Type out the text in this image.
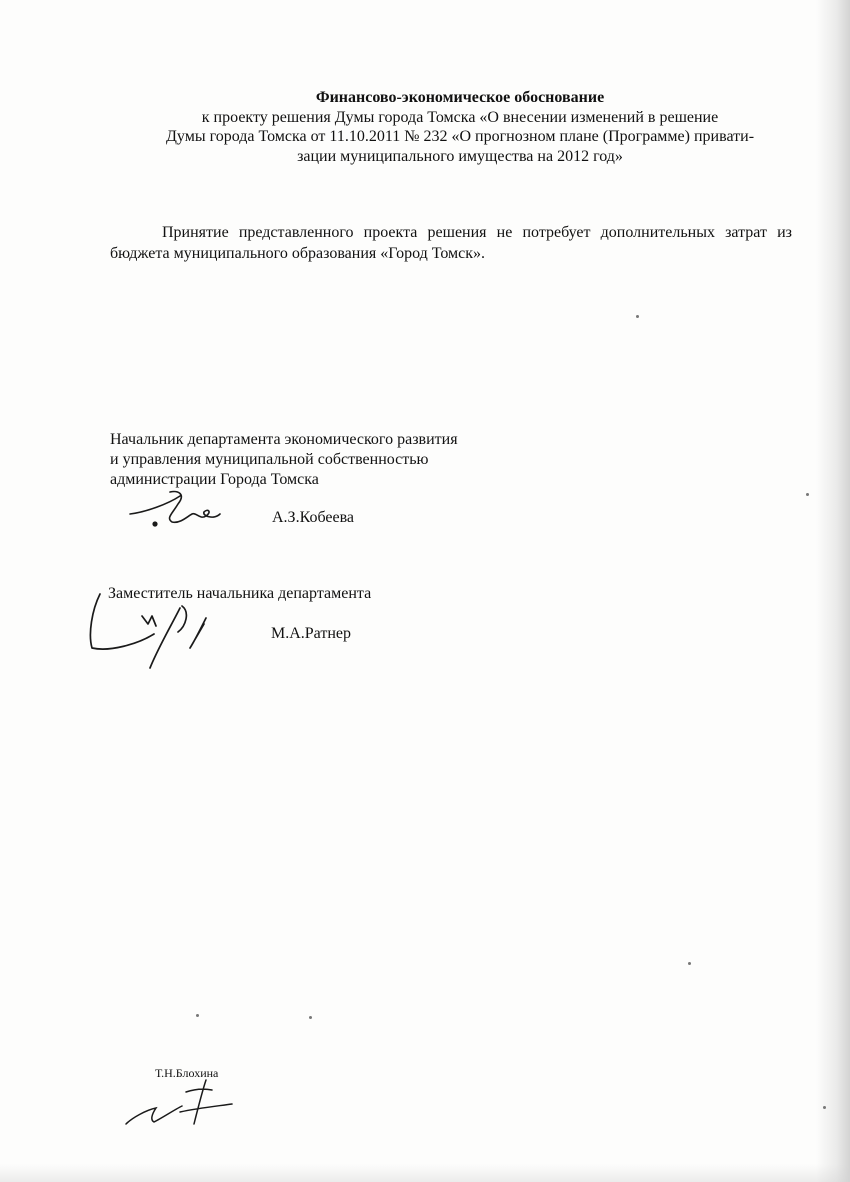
Финансово-экономическое обоснование
к проекту решения Думы города Томска «О внесении изменений в решение
Думы города Томска от 11.10.2011 № 232 «О прогнозном плане (Программе) привати-
зации муниципального имущества на 2012 год»
Принятие представленного проекта решения не потребует дополнительных затрат из бюджета муниципального образования «Город Томск».
Начальник департамента экономического развития
и управления муниципальной собственностью
администрации Города Томска
А.З.Кобеева
Заместитель начальника департамента
М.А.Ратнер
Т.Н.Блохина
